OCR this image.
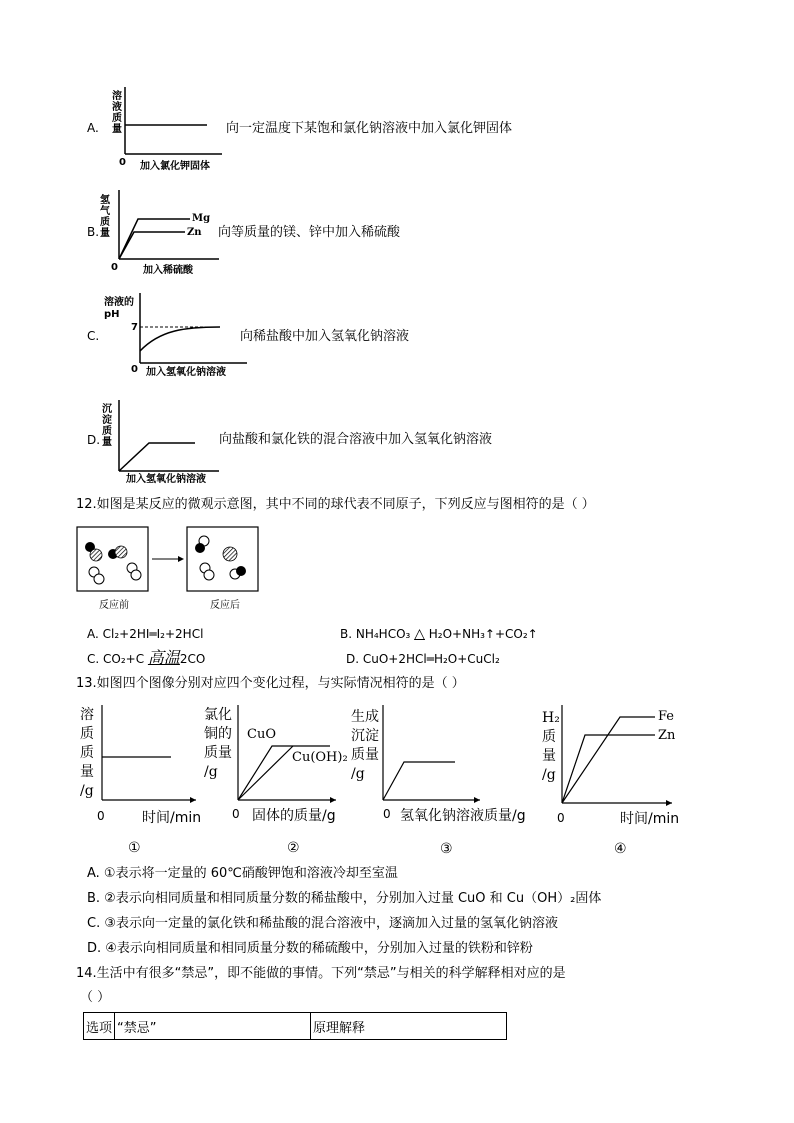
A.
溶液质量
0 加入氯化钾固体
向一定温度下某饱和氯化钠溶液中加入氯化钾固体
B.
氢气质量
Mg
Zn
0	加入稀硫酸
向等质量的镁、锌中加入稀硫酸
C.
溶液的pH
7
0 加入氢氧化钠溶液
向稀盐酸中加入氢氧化钠溶液
D.
沉淀质量
加入氢氧化钠溶液
向盐酸和氯化铁的混合溶液中加入氢氧化钠溶液
12.如图是某反应的微观示意图，其中不同的球代表不同原子，下列反应与图相符的是（ ）
反应前	反应后
A. Cl₂+2HI═I₂+2HCl	B. NH₄HCO₃ △ H₂O+NH₃↑+CO₂↑
C. CO₂+C 高温2CO	D. CuO+2HCl═H₂O+CuCl₂
13.如图四个图像分别对应四个变化过程，与实际情况相符的是（ ）
溶
质
质
量
/g
0	时间/min
①
氯化
铜的
质量
/g
CuO
Cu(OH)₂
0 固体的质量/g
②
生成
沉淀
质量
/g
0 氢氧化钠溶液质量/g
③
H₂
质
量
/g
Fe
Zn
0	时间/min
④
A. ①表示将一定量的 60℃硝酸钾饱和溶液冷却至室温
B. ②表示向相同质量和相同质量分数的稀盐酸中，分别加入过量 CuO 和 Cu（OH）₂固体
C. ③表示向一定量的氯化铁和稀盐酸的混合溶液中，逐滴加入过量的氢氧化钠溶液
D. ④表示向相同质量和相同质量分数的稀硫酸中，分别加入过量的铁粉和锌粉
14.生活中有很多“禁忌”，即不能做的事情。下列“禁忌”与相关的科学解释相对应的是
（ ）
选项	“禁忌”	原理解释
